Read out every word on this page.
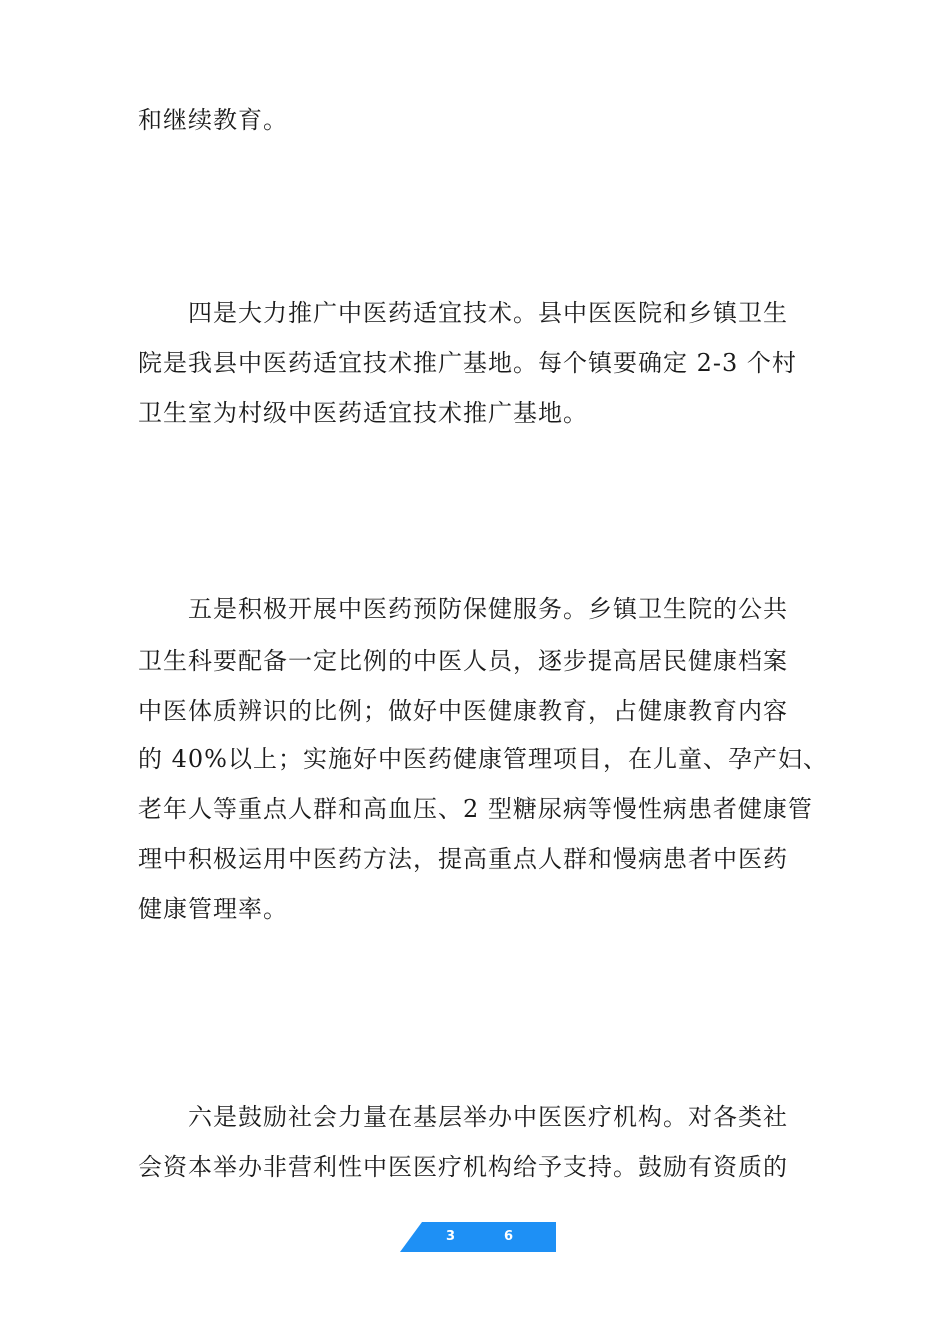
和继续教育。
　　四是大力推广中医药适宜技术。县中医医院和乡镇卫生
院是我县中医药适宜技术推广基地。每个镇要确定 2-3 个村
卫生室为村级中医药适宜技术推广基地。
　　五是积极开展中医药预防保健服务。乡镇卫生院的公共
卫生科要配备一定比例的中医人员，逐步提高居民健康档案
中医体质辨识的比例；做好中医健康教育，占健康教育内容
的 40%以上；实施好中医药健康管理项目，在儿童、孕产妇、
老年人等重点人群和高血压、2 型糖尿病等慢性病患者健康管
理中积极运用中医药方法，提高重点人群和慢病患者中医药
健康管理率。
　　六是鼓励社会力量在基层举办中医医疗机构。对各类社
会资本举办非营利性中医医疗机构给予支持。鼓励有资质的
3	6
